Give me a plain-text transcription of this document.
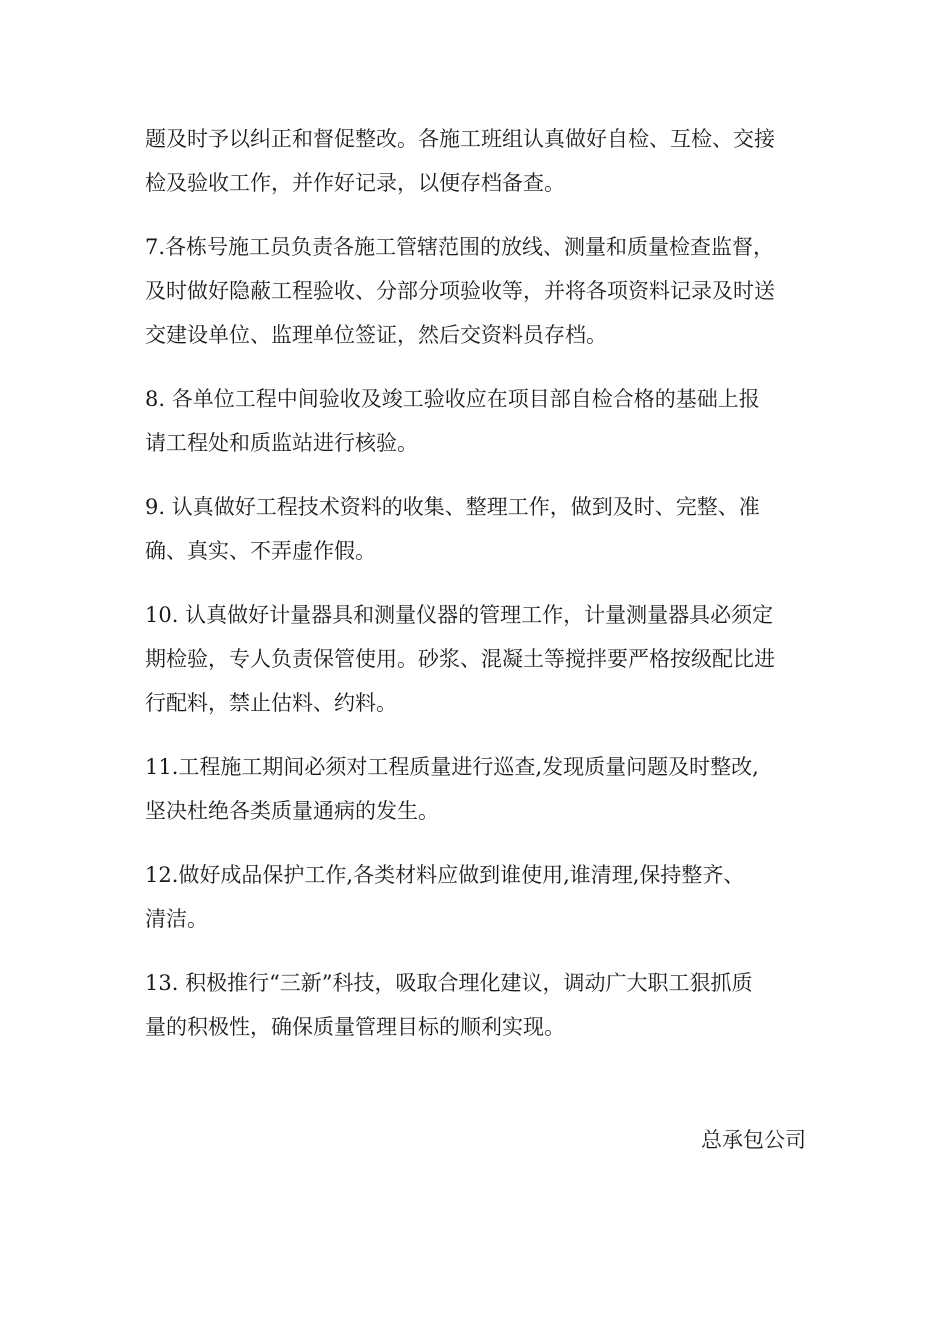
题及时予以纠正和督促整改。各施工班组认真做好自检、互检、交接
检及验收工作，并作好记录，以便存档备查。

7.各栋号施工员负责各施工管辖范围的放线、测量和质量检查监督，
及时做好隐蔽工程验收、分部分项验收等，并将各项资料记录及时送
交建设单位、监理单位签证，然后交资料员存档。

8. 各单位工程中间验收及竣工验收应在项目部自检合格的基础上报
请工程处和质监站进行核验。

9. 认真做好工程技术资料的收集、整理工作，做到及时、完整、准
确、真实、不弄虚作假。

10. 认真做好计量器具和测量仪器的管理工作，计量测量器具必须定
期检验，专人负责保管使用。砂浆、混凝土等搅拌要严格按级配比进
行配料，禁止估料、约料。

11.工程施工期间必须对工程质量进行巡查,发现质量问题及时整改,
坚决杜绝各类质量通病的发生。

12.做好成品保护工作,各类材料应做到谁使用,谁清理,保持整齐、
清洁。

13. 积极推行“三新”科技，吸取合理化建议，调动广大职工狠抓质
量的积极性，确保质量管理目标的顺利实现。

总承包公司
